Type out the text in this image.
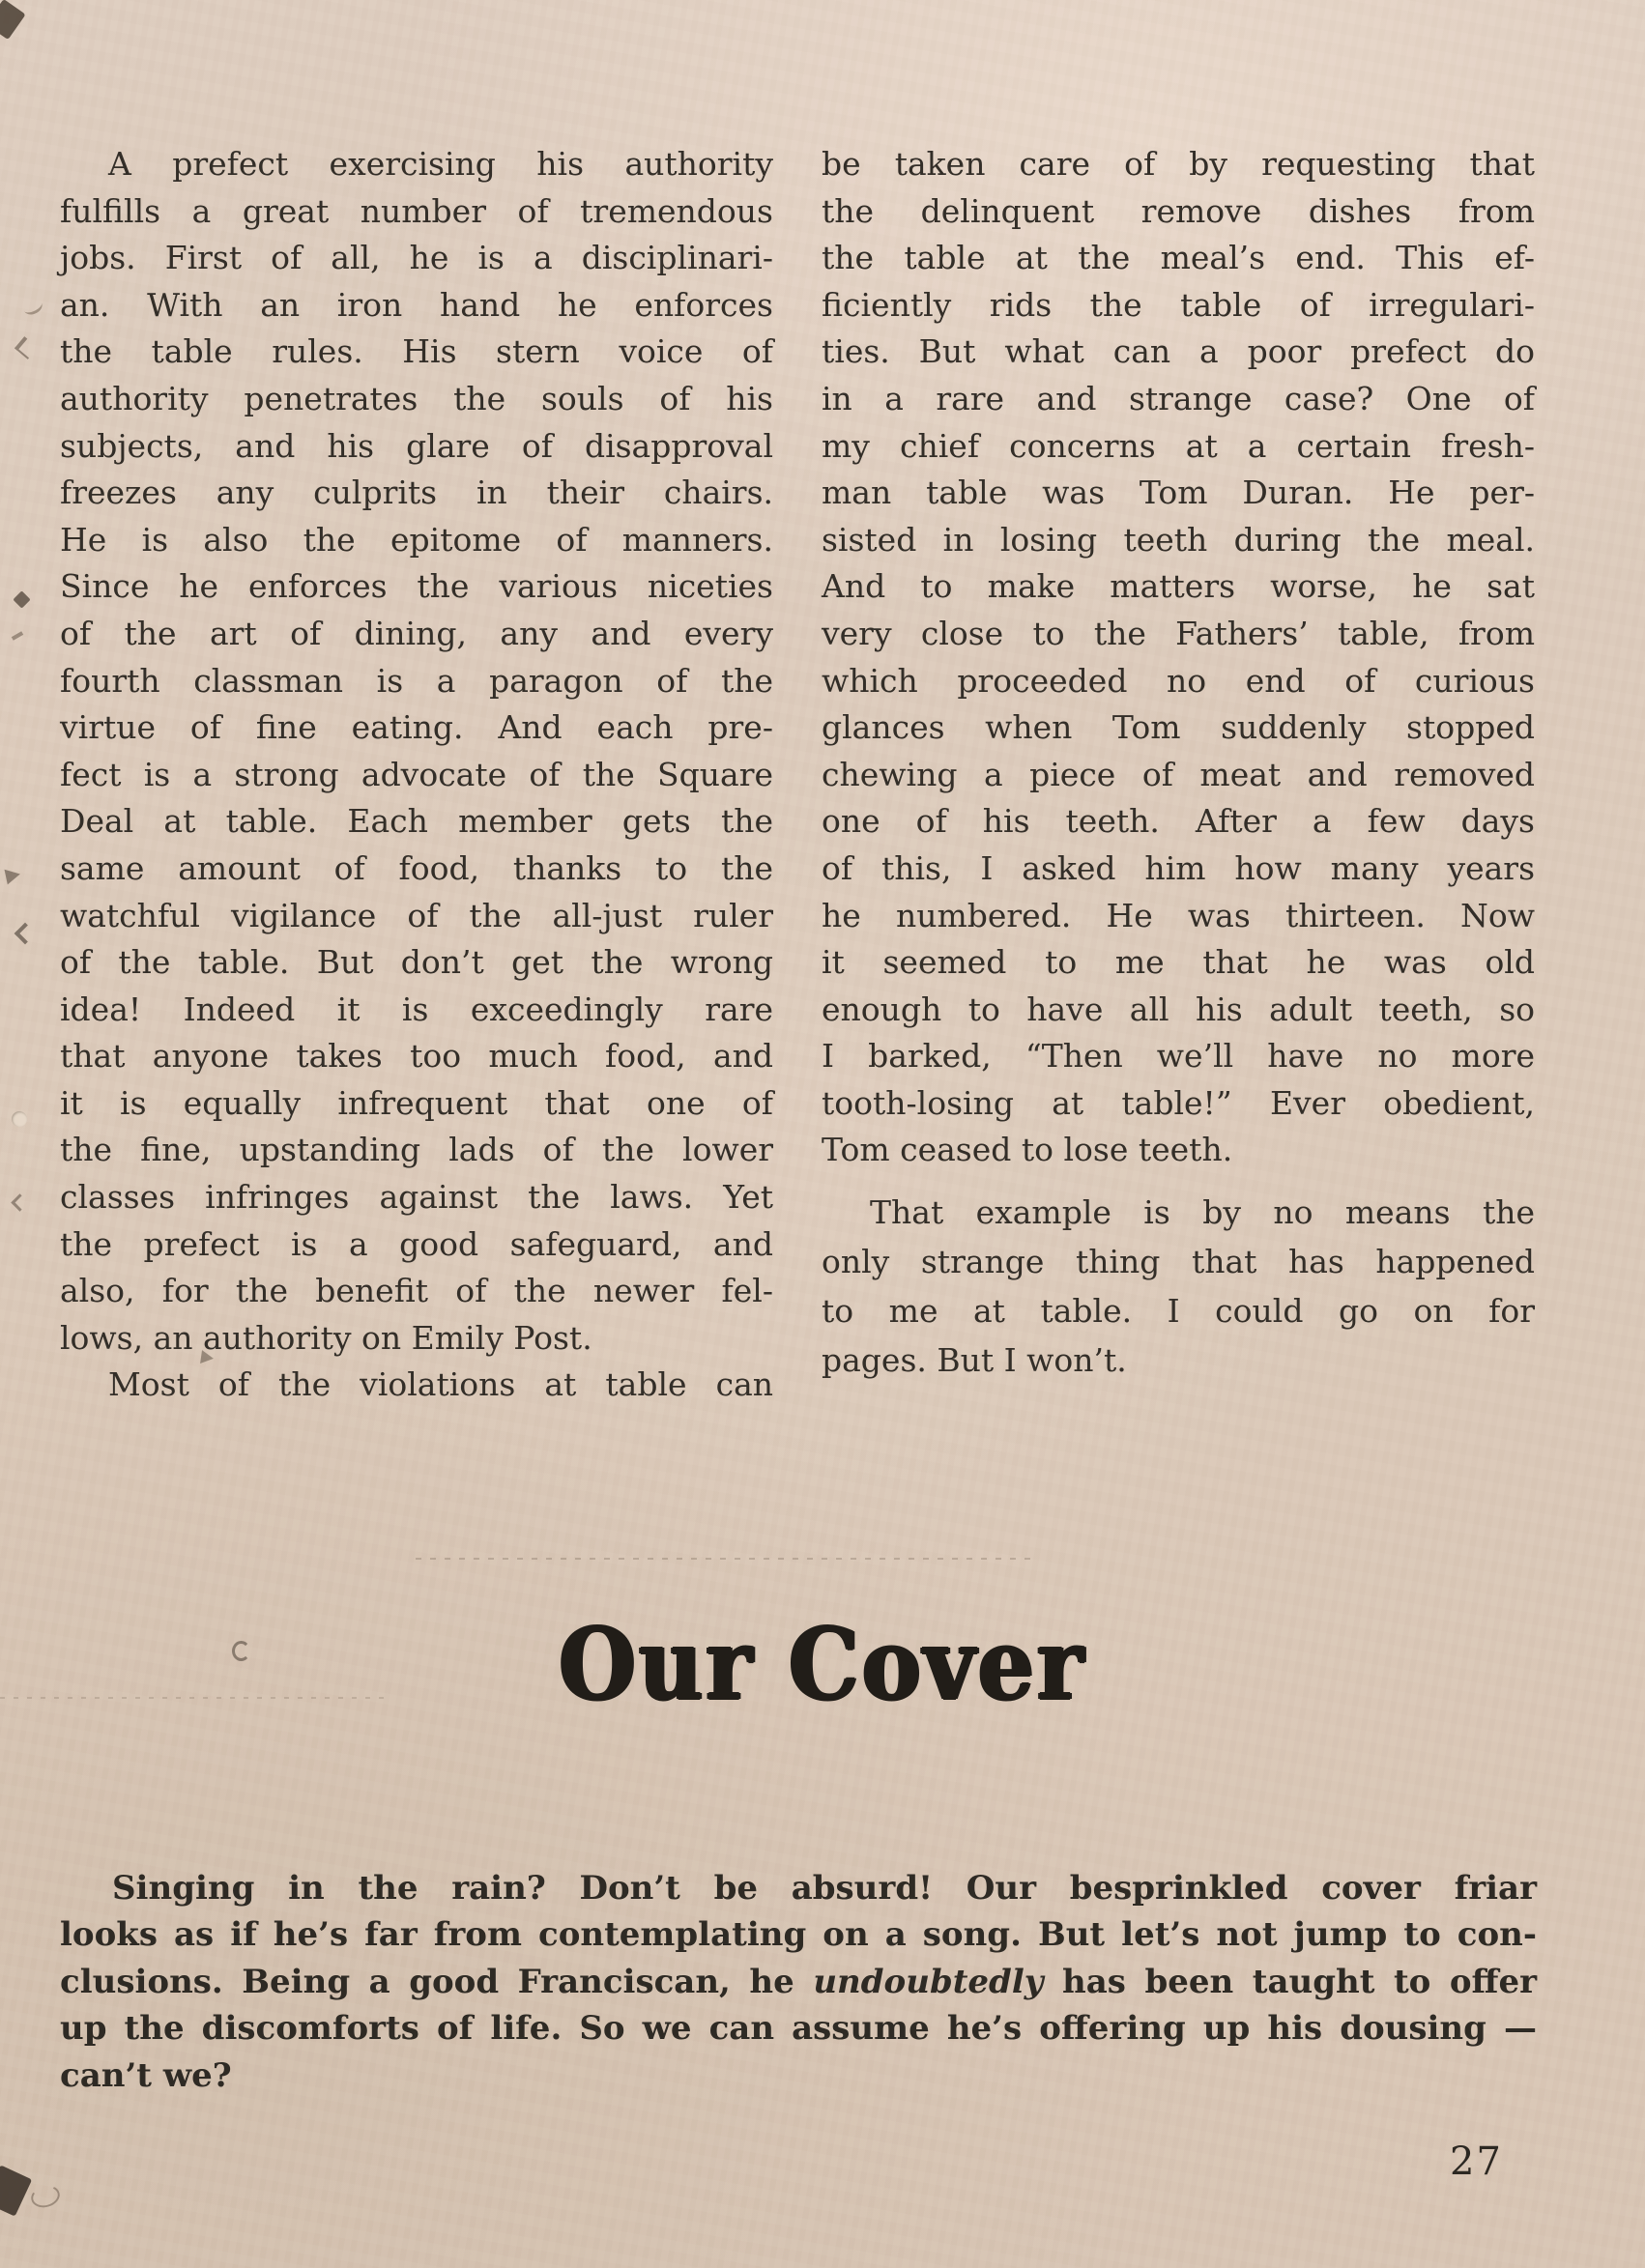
A prefect exercising his authority
fulfills a great number of tremendous
jobs. First of all, he is a disciplinari-
an. With an iron hand he enforces
the table rules. His stern voice of
authority penetrates the souls of his
subjects, and his glare of disapproval
freezes any culprits in their chairs.
He is also the epitome of manners.
Since he enforces the various niceties
of the art of dining, any and every
fourth classman is a paragon of the
virtue of fine eating. And each pre-
fect is a strong advocate of the Square
Deal at table. Each member gets the
same amount of food, thanks to the
watchful vigilance of the all-just ruler
of the table. But don’t get the wrong
idea! Indeed it is exceedingly rare
that anyone takes too much food, and
it is equally infrequent that one of
the fine, upstanding lads of the lower
classes infringes against the laws. Yet
the prefect is a good safeguard, and
also, for the benefit of the newer fel-
lows, an authority on Emily Post.
Most of the violations at table can
be taken care of by requesting that
the delinquent remove dishes from
the table at the meal’s end. This ef-
ficiently rids the table of irregulari-
ties. But what can a poor prefect do
in a rare and strange case? One of
my chief concerns at a certain fresh-
man table was Tom Duran. He per-
sisted in losing teeth during the meal.
And to make matters worse, he sat
very close to the Fathers’ table, from
which proceeded no end of curious
glances when Tom suddenly stopped
chewing a piece of meat and removed
one of his teeth. After a few days
of this, I asked him how many years
he numbered. He was thirteen. Now
it seemed to me that he was old
enough to have all his adult teeth, so
I barked, “Then we’ll have no more
tooth-losing at table!” Ever obedient,
Tom ceased to lose teeth.
That example is by no means the
only strange thing that has happened
to me at table. I could go on for
pages. But I won’t.
Our Cover
Singing in the rain? Don’t be absurd! Our besprinkled cover friar
looks as if he’s far from contemplating on a song. But let’s not jump to con-
clusions. Being a good Franciscan, he undoubtedly has been taught to offer
up the discomforts of life. So we can assume he’s offering up his dousing —
can’t we?
27
